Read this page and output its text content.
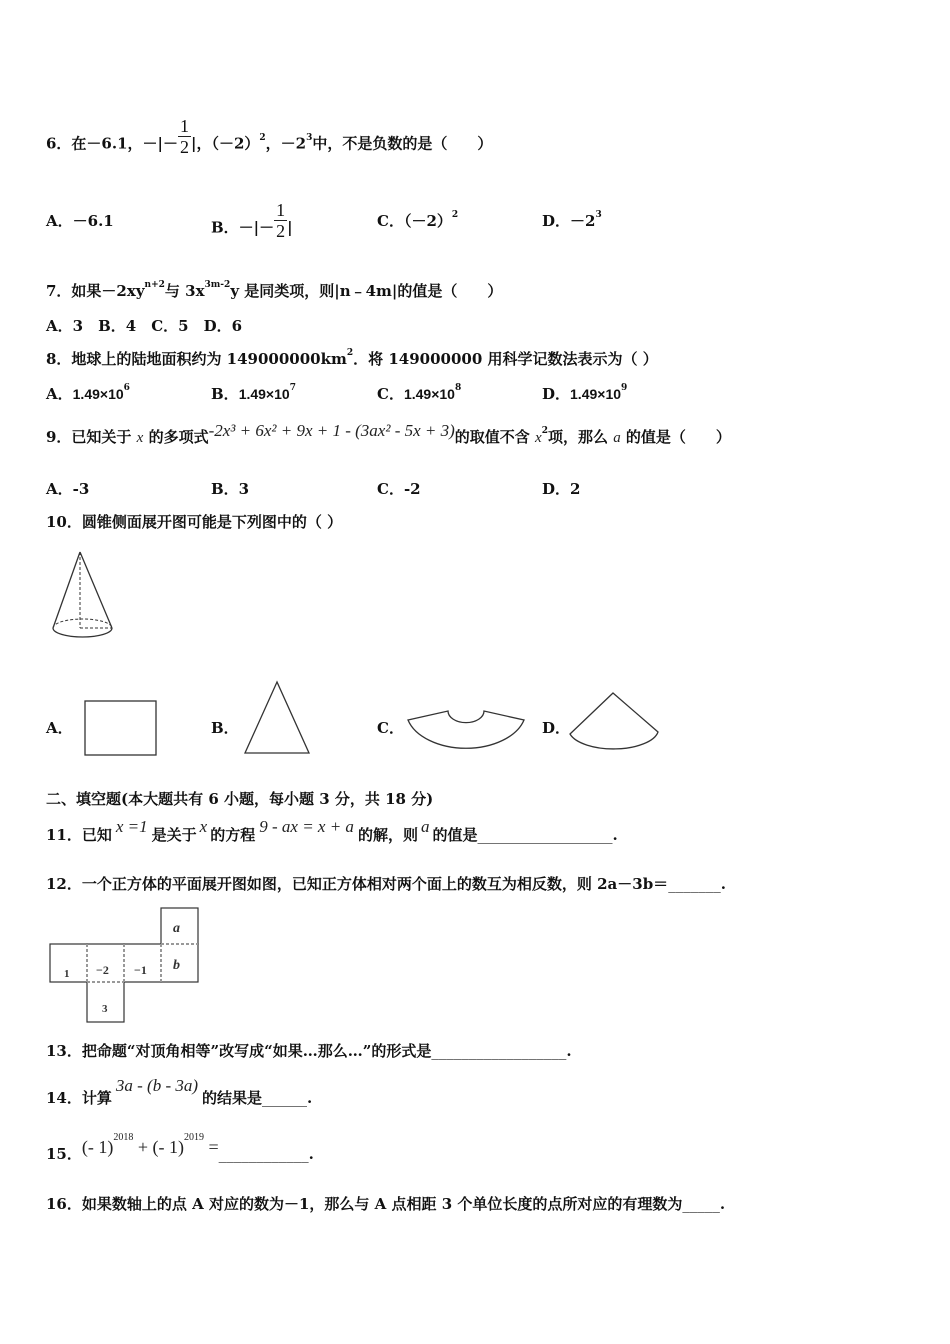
6．在－6.1，－|－ $\frac{1}{2}$ |，$(-2)^2$，$-2^3$中，不是负数的是（　　）
A．－6.1	B．－|－ $\frac{1}{2}$ |	C．$(-2)^2$	D．$-2^3$
7．如果$-2xy^{n+2}$与 $3x^{3m-2}y$ 是同类项，则|n﹣4m|的值是（　　）
A．3　B．4　C．5　D．6
8．地球上的陆地面积约为 $149000000km^2$．将 149000000 用科学记数法表示为（ ）
A．$1.49\times 10^6$	B．$1.49\times 10^7$	C．$1.49\times 10^8$	D．$1.49\times 10^9$
9．已知关于 x 的多项式-2x³ + 6x² + 9x + 1 - (3ax² - 5x + 3)的取值不含 $x^2$项，那么 a 的值是（　　）
A．-3	B．3	C．-2	D．2
10．圆锥侧面展开图可能是下列图中的（ ）
A．	B．	C．	D．
二、填空题(本大题共有 6 小题，每小题 3 分，共 18 分)
11．已知 x =1 是关于 x 的方程 9 - ax = x + a 的解，则 a 的值是__________________.
12．一个正方体的平面展开图如图，已知正方体相对两个面上的数互为相反数，则 2a－3b＝_______.
a
1 −2 −1 b
3
13．把命题“对顶角相等”改写成“如果…那么…”的形式是__________________.
14．计算3a - (b - 3a)的结果是______.
15．(- 1)$^{2018}$ + (- 1)$^{2019}$ =____________.
16．如果数轴上的点 A 对应的数为－1，那么与 A 点相距 3 个单位长度的点所对应的有理数为_____.
